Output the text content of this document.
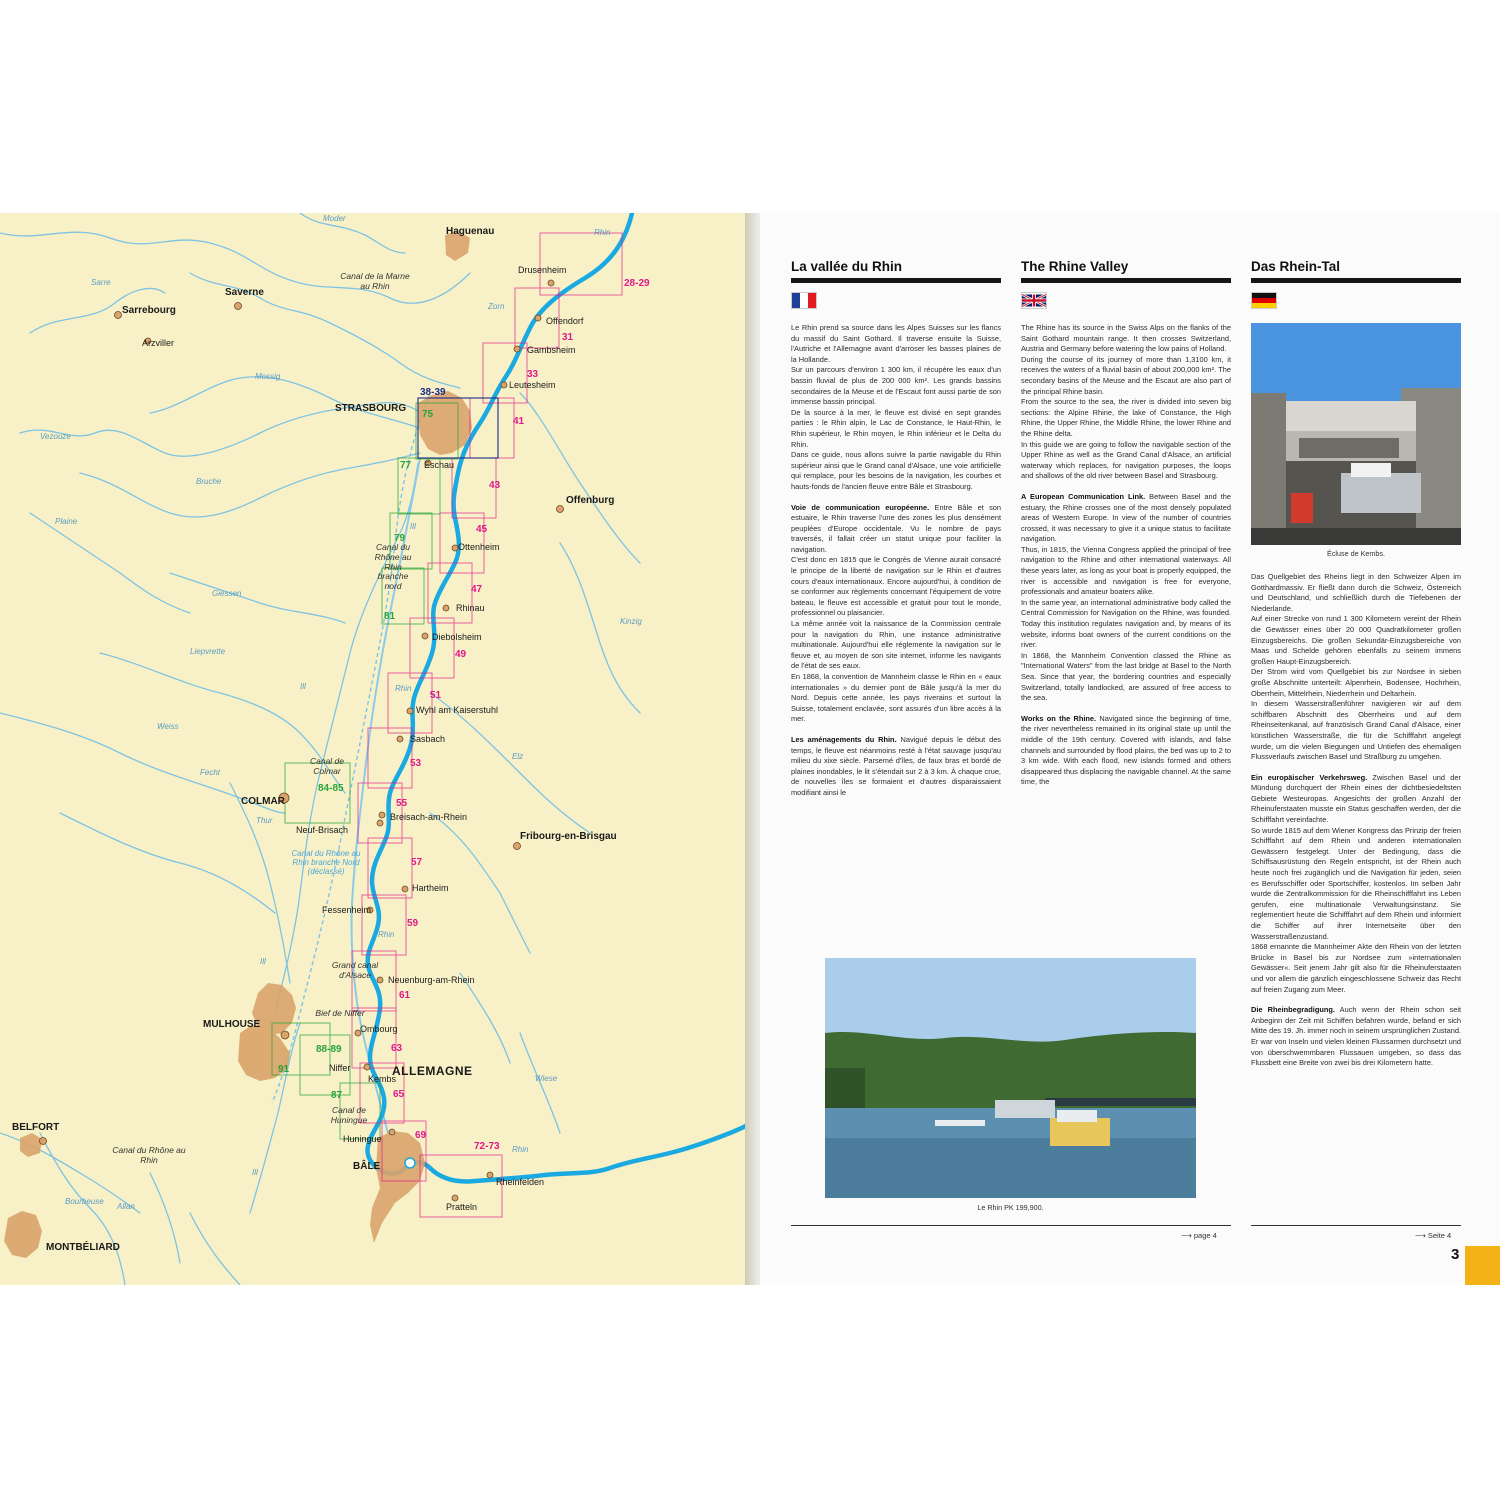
Haguenau
Sarrebourg
Saverne
STRASBOURG
Offenburg
COLMAR
Fribourg-en-Brisgau
MULHOUSE
BELFORT
MONTBÉLIARD
BÂLE
ALLEMAGNE
Drusenheim
Offendorf
Gambsheim
Leutesheim
Arzviller
Eschau
Ottenheim
Rhinau
Diebolsheim
Wyhl am Kaiserstuhl
Sasbach
Neuf-Brisach
Breisach-am-Rhein
Hartheim
Fessenheim
Neuenburg-am-Rhein
Ombourg
Niffer
Kembs
Huningue
Rheinfelden
Pratteln
Canal de la Marne au Rhin
Canal de Colmar
Canal du Rhône au Rhin branche nord
Canal du Rhône au Rhin branche Nord (déclassé)
Grand canal d'Alsace
Bief de Niffer
Canal de Huningue
Canal du Rhône au Rhin
Moder
Sarre
Zorn
Mossig
Vezouze
Bruche
Plaine
Giessen
Liepvrette
Weiss
Fecht
Thur
Ill
Ill
Ill
Ill
Kinzig
Elz
Wiese
Rhin
Rhin
Rhin
Rhin
Allan
Bourbeuse
28-29
31
33
38-39
41
75
77
43
45
79
47
81
49
51
53
84-85
55
57
59
61
88-89	63
91
65
87
69
72-73
La vallée du Rhin

Le Rhin prend sa source dans les Alpes Suisses sur les flancs du massif du Saint Gothard. Il traverse ensuite la Suisse, l'Autriche et l'Allemagne avant d'arroser les basses plaines de la Hollande.

Sur un parcours d'environ 1 300 km, il récupère les eaux d'un bassin fluvial de plus de 200 000 km². Les grands bassins secondaires de la Meuse et de l'Escaut font aussi partie de son immense bassin principal.

De la source à la mer, le fleuve est divisé en sept grandes parties : le Rhin alpin, le Lac de Constance, le Haut-Rhin, le Rhin supérieur, le Rhin moyen, le Rhin inférieur et le Delta du Rhin.

Dans ce guide, nous allons suivre la partie navigable du Rhin supérieur ainsi que le Grand canal d'Alsace, une voie artificielle qui remplace, pour les besoins de la navigation, les courbes et hauts-fonds de l'ancien fleuve entre Bâle et Strasbourg.

Voie de communication européenne. Entre Bâle et son estuaire, le Rhin traverse l'une des zones les plus densément peuplées d'Europe occidentale. Vu le nombre de pays traversés, il fallait créer un statut unique pour faciliter la navigation.

C'est donc en 1815 que le Congrès de Vienne aurait consacré le principe de la liberté de navigation sur le Rhin et d'autres cours d'eaux internationaux. Encore aujourd'hui, à condition de se conformer aux règlements concernant l'équipement de votre bateau, le fleuve est accessible et gratuit pour tout le monde, professionnel ou plaisancier.

La même année voit la naissance de la Commission centrale pour la navigation du Rhin, une instance administrative multinationale. Aujourd'hui elle réglemente la navigation sur le fleuve et, au moyen de son site internet, informe les navigants de l'état de ses eaux.

En 1868, la convention de Mannheim classe le Rhin en « eaux internationales » du dernier pont de Bâle jusqu'à la mer du Nord. Depuis cette année, les pays riverains et surtout la Suisse, totalement enclavée, sont assurés d'un libre accès à la mer.

Les aménagements du Rhin. Navigué depuis le début des temps, le fleuve est néanmoins resté à l'état sauvage jusqu'au milieu du xixe siècle. Parsemé d'îles, de faux bras et bordé de plaines inondables, le lit s'étendait sur 2 à 3 km. À chaque crue, de nouvelles îles se formaient et d'autres disparaissaient modifiant ainsi le

The Rhine Valley

The Rhine has its source in the Swiss Alps on the flanks of the Saint Gothard mountain range. It then crosses Switzerland, Austria and Germany before watering the low pains of Holland.

During the course of its journey of more than 1,3100 km, it receives the waters of a fluvial basin of about 200,000 km². The secondary basins of the Meuse and the Escaut are also part of the principal Rhine basin.

From the source to the sea, the river is divided into seven big sections: the Alpine Rhine, the lake of Constance, the High Rhine, the Upper Rhine, the Middle Rhine, the lower Rhine and the Rhine delta.

In this guide we are going to follow the navigable section of the Upper Rhine as well as the Grand Canal d'Alsace, an artificial waterway which replaces, for navigation purposes, the loops and shallows of the old river between Basel and Strasbourg.

A European Communication Link. Between Basel and the estuary, the Rhine crosses one of the most densely populated areas of Western Europe. In view of the number of countries crossed, it was necessary to give it a unique status to facilitate navigation.

Thus, in 1815, the Vienna Congress applied the principal of free navigation to the Rhine and other international waterways. All these years later, as long as your boat is properly equipped, the river is accessible and navigation is free for everyone, professionals and amateur boaters alike.

In the same year, an international administrative body called the Central Commission for Navigation on the Rhine, was founded. Today this institution regulates navigation and, by means of its website, informs boat owners of the current conditions on the river.

In 1868, the Mannheim Convention classed the Rhine as "International Waters" from the last bridge at Basel to the North Sea. Since that year, the bordering countries and especially Switzerland, totally landlocked, are assured of free access to the sea.

Works on the Rhine. Navigated since the beginning of time, the river nevertheless remained in its original state up until the middle of the 19th century. Covered with islands, and false channels and surrounded by flood plains, the bed was up to 2 to 3 km wide. With each flood, new islands formed and others disappeared thus displacing the navigable channel. At the same time, the

Das Rhein-Tal
Écluse de Kembs.

Das Quellgebiet des Rheins liegt in den Schweizer Alpen im Gotthardmassiv. Er fließt dann durch die Schweiz, Österreich und Deutschland, und schließlich durch die Tiefebenen der Niederlande.

Auf einer Strecke von rund 1 300 Kilometern vereint der Rhein die Gewässer eines über 20 000 Quadratkilometer großen Einzugsbereichs. Die großen Sekundär-Einzugsbereiche von Maas und Schelde gehören ebenfalls zu seinem immens großen Haupt-Einzugsbereich.

Der Strom wird vom Quellgebiet bis zur Nordsee in sieben große Abschnitte unterteilt: Alpenrhein, Bodensee, Hochrhein, Oberrhein, Mittelrhein, Niederrhein und Deltarhein.

In diesem Wasserstraßenführer navigieren wir auf dem schiffbaren Abschnitt des Oberrheins und auf dem Rheinseitenkanal, auf französisch Grand Canal d'Alsace, einer künstlichen Wasserstraße, die für die Schifffahrt angelegt wurde, um die vielen Biegungen und Untiefen des ehemaligen Flussverlaufs zwischen Basel und Straßburg zu umgehen.

Ein europäischer Verkehrsweg. Zwischen Basel und der Mündung durchquert der Rhein eines der dichtbesiedeltsten Gebiete Westeuropas. Angesichts der großen Anzahl der Rheinuferstaaten musste ein Status geschaffen werden, der die Schifffahrt vereinfachte.

So wurde 1815 auf dem Wiener Kongress das Prinzip der freien Schifffahrt auf dem Rhein und anderen internationalen Gewässern festgelegt. Unter der Bedingung, dass die Schiffsausrüstung den Regeln entspricht, ist der Rhein auch heute noch frei zugänglich und die Navigation für jeden, seien es Berufsschiffer oder Sportschiffer, kostenlos. Im selben Jahr wurde die Zentralkommission für die Rheinschifffahrt ins Leben gerufen, eine multinationale Verwaltungsinstanz. Sie reglementiert heute die Schifffahrt auf dem Rhein und informiert die Schiffer auf ihrer Internetseite über den Wasserstraßenzustand.

1868 ernannte die Mannheimer Akte den Rhein von der letzten Brücke in Basel bis zur Nordsee zum »internationalen Gewässer«. Seit jenem Jahr gilt also für die Rheinuferstaaten und vor allem die gänzlich eingeschlossene Schweiz das Recht auf freien Zugang zum Meer.

Die Rheinbegradigung. Auch wenn der Rhein schon seit Anbeginn der Zeit mit Schiffen befahren wurde, befand er sich Mitte des 19. Jh. immer noch in seinem ursprünglichen Zustand. Er war von Inseln und vielen kleinen Flussarmen durchsetzt und von überschwemmbaren Flussauen umgeben, so dass das Flussbett eine Breite von zwei bis drei Kilometern hatte.

Le Rhin PK 199,900.
⟶ page 4	⟶ Seite 4
3
